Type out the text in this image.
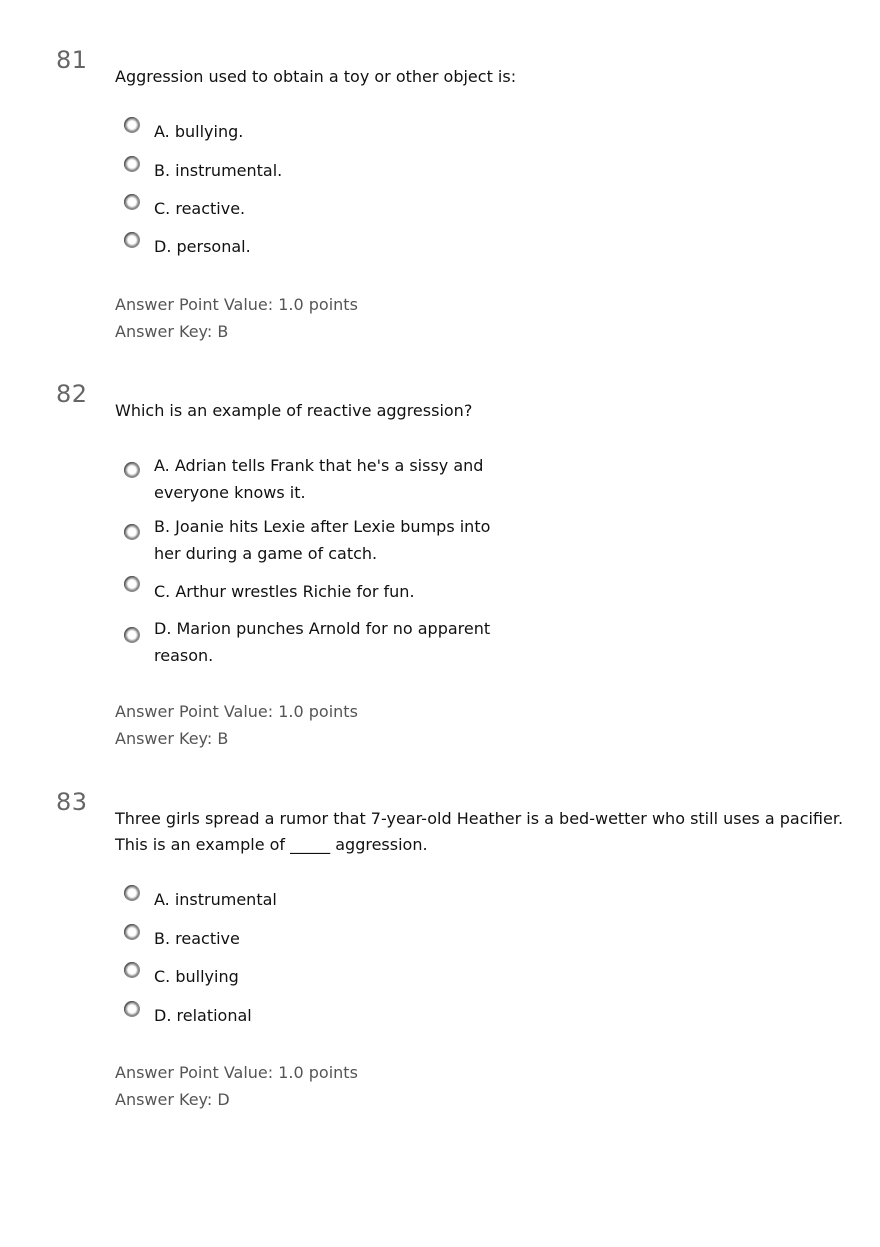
81
Aggression used to obtain a toy or other object is:
A. bullying.
B. instrumental.
C. reactive.
D. personal.
Answer Point Value: 1.0 points
Answer Key: B
82
Which is an example of reactive aggression?
A. Adrian tells Frank that he's a sissy and everyone knows it.
B. Joanie hits Lexie after Lexie bumps into her during a game of catch.
C. Arthur wrestles Richie for fun.
D. Marion punches Arnold for no apparent reason.
Answer Point Value: 1.0 points
Answer Key: B
83
Three girls spread a rumor that 7-year-old Heather is a bed-wetter who still uses a pacifier. This is an example of _____ aggression.
A. instrumental
B. reactive
C. bullying
D. relational
Answer Point Value: 1.0 points
Answer Key: D
